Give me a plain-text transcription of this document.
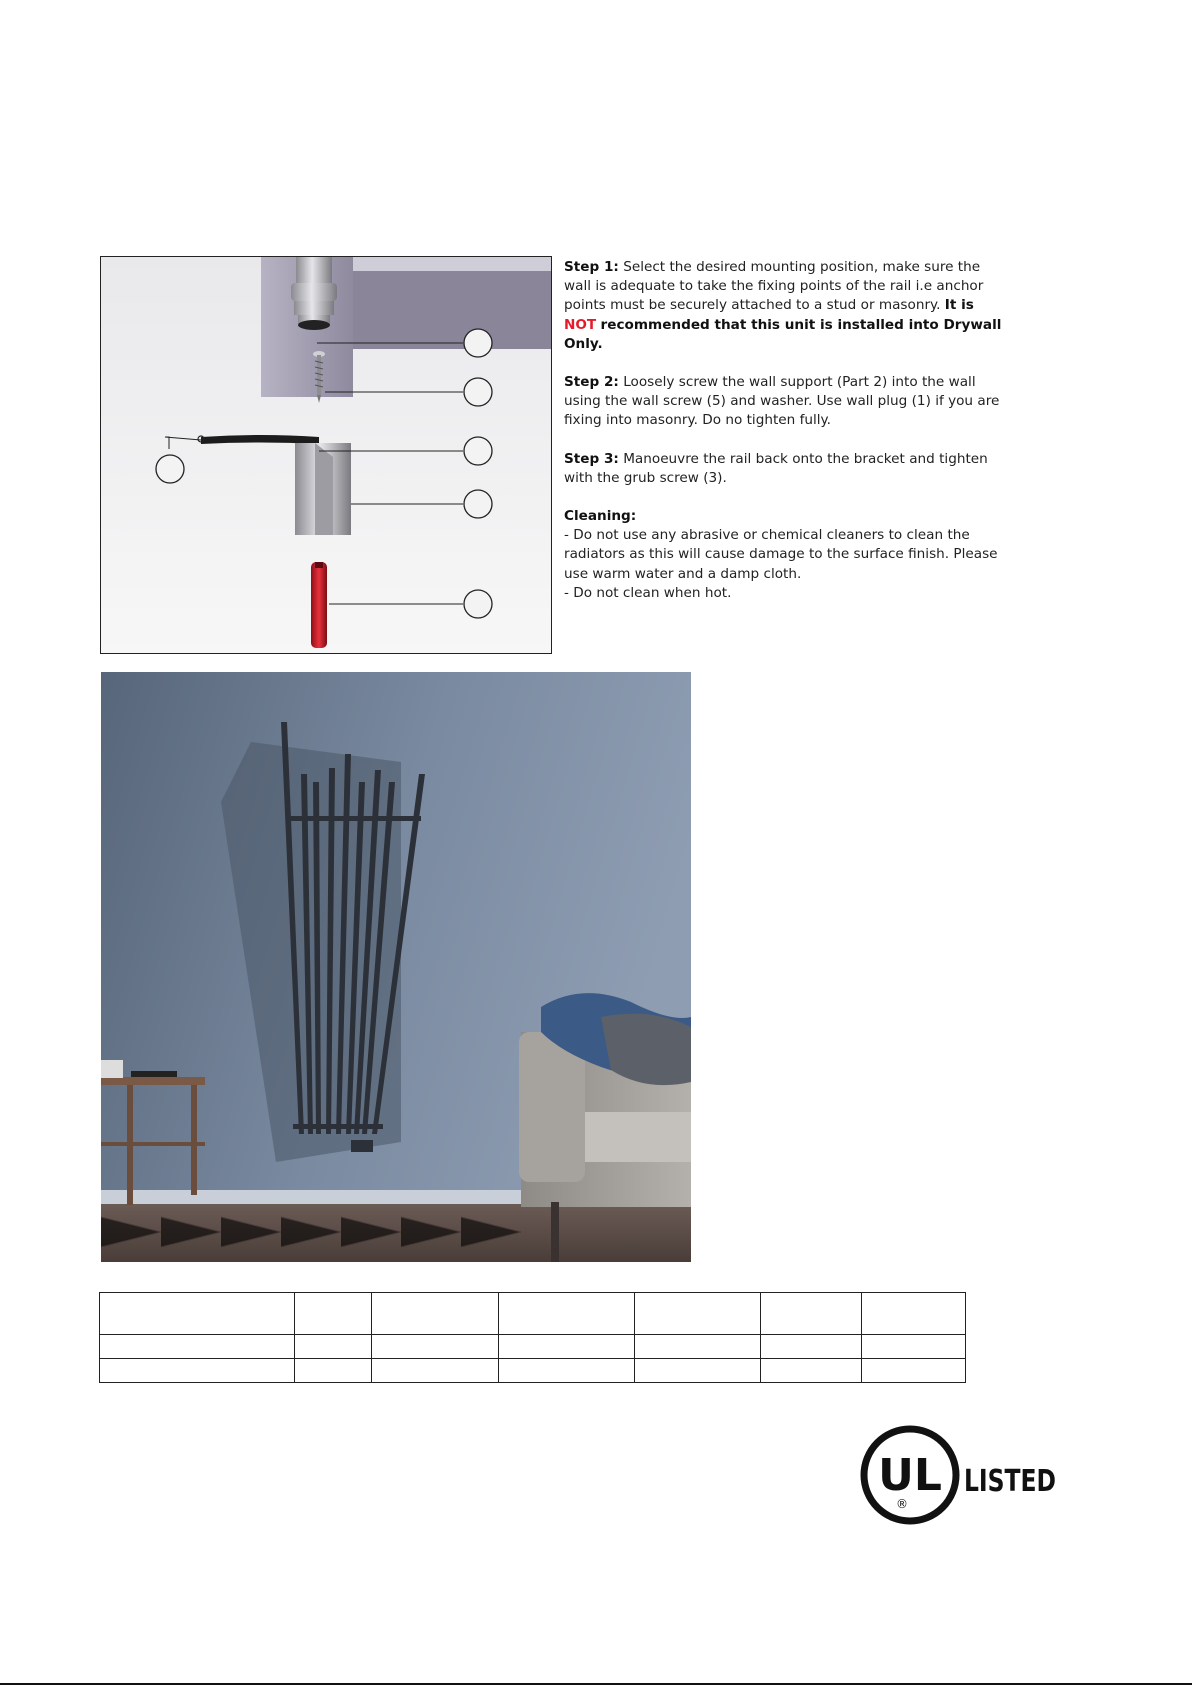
Step 1: Select the desired mounting position, make sure the wall is adequate to take the fixing points of the rail i.e anchor points must be securely attached to a stud or masonry. It is NOT recommended that this unit is installed into Drywall Only.

Step 2: Loosely screw the wall support (Part 2) into the wall using the wall screw (5) and washer. Use wall plug (1) if you are fixing into masonry. Do no tighten fully.

Step 3: Manoeuvre the rail back onto the bracket and tighten with the grub screw (3).

Cleaning:
- Do not use any abrasive or chemical cleaners to clean the radiators as this will cause damage to the surface finish. Please use warm water and a damp cloth.
- Do not clean when hot.

UL
®
LISTED
